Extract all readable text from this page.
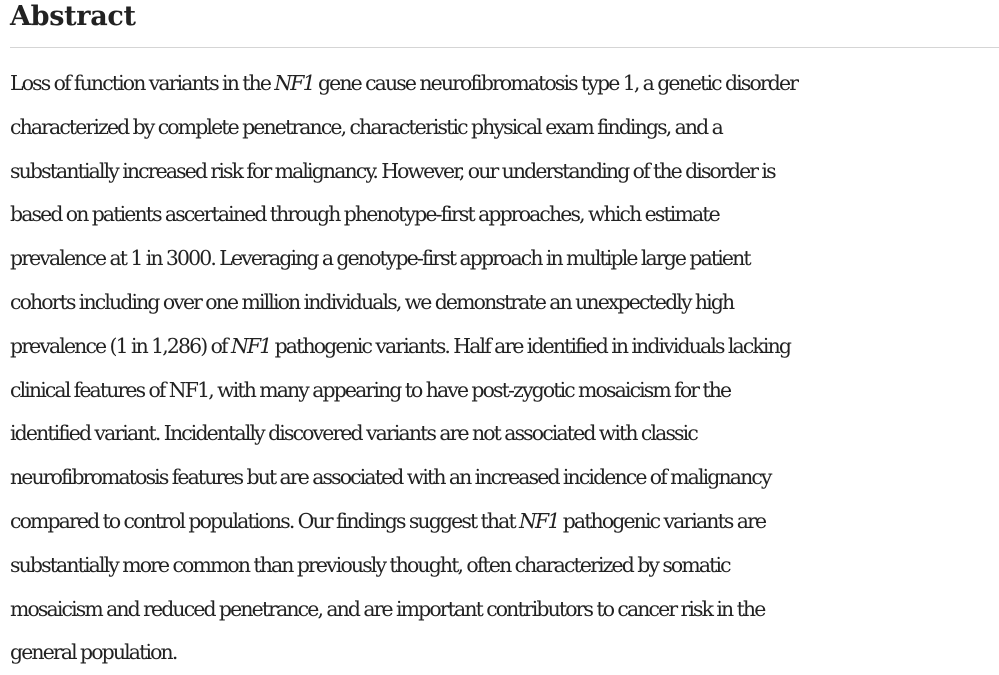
Abstract

Loss of function variants in the NF1 gene cause neurofibromatosis type 1, a genetic disorder
characterized by complete penetrance, characteristic physical exam findings, and a
substantially increased risk for malignancy. However, our understanding of the disorder is
based on patients ascertained through phenotype-first approaches, which estimate
prevalence at 1 in 3000. Leveraging a genotype-first approach in multiple large patient
cohorts including over one million individuals, we demonstrate an unexpectedly high
prevalence (1 in 1,286) of NF1 pathogenic variants. Half are identified in individuals lacking
clinical features of NF1, with many appearing to have post-zygotic mosaicism for the
identified variant. Incidentally discovered variants are not associated with classic
neurofibromatosis features but are associated with an increased incidence of malignancy
compared to control populations. Our findings suggest that NF1 pathogenic variants are
substantially more common than previously thought, often characterized by somatic
mosaicism and reduced penetrance, and are important contributors to cancer risk in the
general population.
